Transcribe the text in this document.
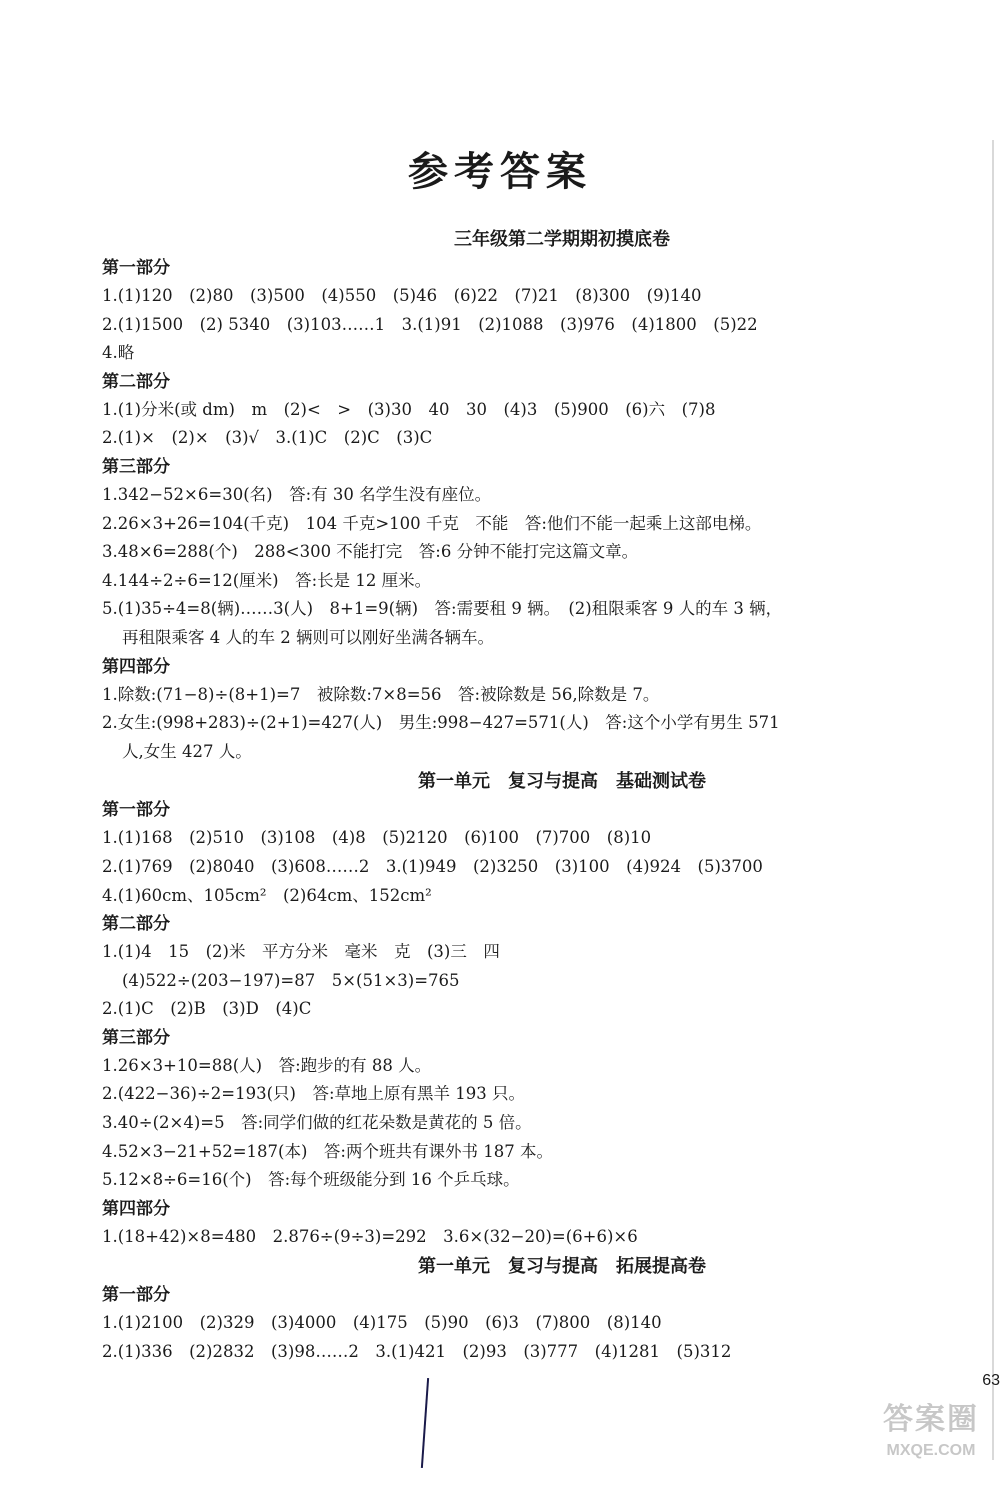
参考答案
三年级第二学期期初摸底卷
第一部分
1.(1)120　(2)80　(3)500　(4)550　(5)46　(6)22　(7)21　(8)300　(9)140
2.(1)1500　(2) 5340　(3)103……1　3.(1)91　(2)1088　(3)976　(4)1800　(5)22
4.略
第二部分
1.(1)分米(或 dm)　m　(2)<　>　(3)30　40　30　(4)3　(5)900　(6)六　(7)8
2.(1)×　(2)×　(3)√　3.(1)C　(2)C　(3)C
第三部分
1.342−52×6=30(名)　答:有 30 名学生没有座位。
2.26×3+26=104(千克)　104 千克>100 千克　不能　答:他们不能一起乘上这部电梯。
3.48×6=288(个)　288<300 不能打完　答:6 分钟不能打完这篇文章。
4.144÷2÷6=12(厘米)　答:长是 12 厘米。
5.(1)35÷4=8(辆)……3(人)　8+1=9(辆)　答:需要租 9 辆。　(2)租限乘客 9 人的车 3 辆，
再租限乘客 4 人的车 2 辆则可以刚好坐满各辆车。
第四部分
1.除数:(71−8)÷(8+1)=7　被除数:7×8=56　答:被除数是 56,除数是 7。
2.女生:(998+283)÷(2+1)=427(人)　男生:998−427=571(人)　答:这个小学有男生 571
人,女生 427 人。
第一单元　复习与提高　基础测试卷
第一部分
1.(1)168　(2)510　(3)108　(4)8　(5)2120　(6)100　(7)700　(8)10
2.(1)769　(2)8040　(3)608……2　3.(1)949　(2)3250　(3)100　(4)924　(5)3700
4.(1)60cm、105cm²　(2)64cm、152cm²
第二部分
1.(1)4　15　(2)米　平方分米　毫米　克　(3)三　四
(4)522÷(203−197)=87　5×(51×3)=765
2.(1)C　(2)B　(3)D　(4)C
第三部分
1.26×3+10=88(人)　答:跑步的有 88 人。
2.(422−36)÷2=193(只)　答:草地上原有黑羊 193 只。
3.40÷(2×4)=5　答:同学们做的红花朵数是黄花的 5 倍。
4.52×3−21+52=187(本)　答:两个班共有课外书 187 本。
5.12×8÷6=16(个)　答:每个班级能分到 16 个乒乓球。
第四部分
1.(18+42)×8=480　2.876÷(9÷3)=292　3.6×(32−20)=(6+6)×6
第一单元　复习与提高　拓展提高卷
第一部分
1.(1)2100　(2)329　(3)4000　(4)175　(5)90　(6)3　(7)800　(8)140
2.(1)336　(2)2832　(3)98……2　3.(1)421　(2)93　(3)777　(4)1281　(5)312
63
答案圈
MXQE.COM
